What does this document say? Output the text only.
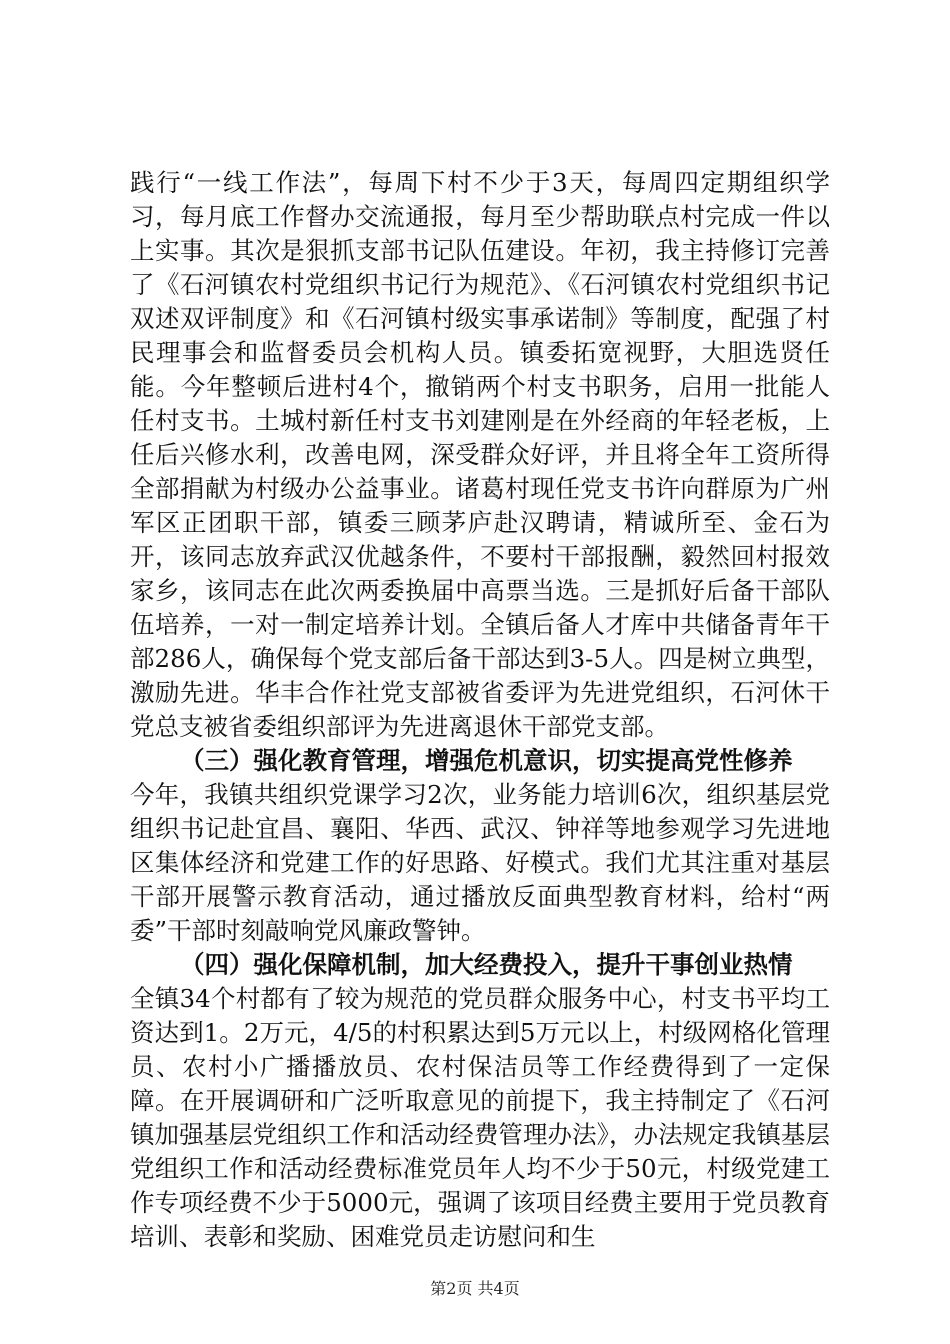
践行“一线工作法”，每周下村不少于3天，每周四定期组织学习，每月底工作督办交流通报，每月至少帮助联点村完成一件以上实事。其次是狠抓支部书记队伍建设。年初，我主持修订完善了《石河镇农村党组织书记行为规范》、《石河镇农村党组织书记双述双评制度》和《石河镇村级实事承诺制》等制度，配强了村民理事会和监督委员会机构人员。镇委拓宽视野，大胆选贤任能。今年整顿后进村4个，撤销两个村支书职务，启用一批能人任村支书。土城村新任村支书刘建刚是在外经商的年轻老板，上任后兴修水利，改善电网，深受群众好评，并且将全年工资所得全部捐献为村级办公益事业。诸葛村现任党支书许向群原为广州军区正团职干部，镇委三顾茅庐赴汉聘请，精诚所至、金石为开，该同志放弃武汉优越条件，不要村干部报酬，毅然回村报效家乡，该同志在此次两委换届中高票当选。三是抓好后备干部队伍培养，一对一制定培养计划。全镇后备人才库中共储备青年干部286人，确保每个党支部后备干部达到3-5人。四是树立典型，激励先进。华丰合作社党支部被省委评为先进党组织，石河休干党总支被省委组织部评为先进离退休干部党支部。

（三）强化教育管理，增强危机意识，切实提高党性修养

今年，我镇共组织党课学习2次，业务能力培训6次，组织基层党组织书记赴宜昌、襄阳、华西、武汉、钟祥等地参观学习先进地区集体经济和党建工作的好思路、好模式。我们尤其注重对基层干部开展警示教育活动，通过播放反面典型教育材料，给村“两委”干部时刻敲响党风廉政警钟。

（四）强化保障机制，加大经费投入，提升干事创业热情

全镇34个村都有了较为规范的党员群众服务中心，村支书平均工资达到1。2万元，4/5的村积累达到5万元以上，村级网格化管理员、农村小广播播放员、农村保洁员等工作经费得到了一定保障。在开展调研和广泛听取意见的前提下，我主持制定了《石河镇加强基层党组织工作和活动经费管理办法》，办法规定我镇基层党组织工作和活动经费标准党员年人均不少于50元，村级党建工作专项经费不少于5000元，强调了该项目经费主要用于党员教育培训、表彰和奖励、困难党员走访慰问和生

第2页 共4页
